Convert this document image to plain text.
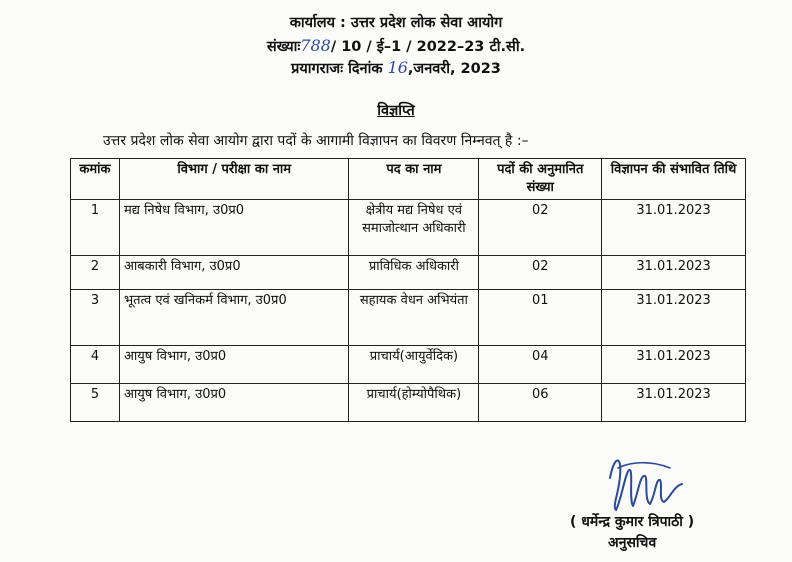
कार्यालय : उत्तर प्रदेश लोक सेवा आयोग
संख्याः788/ 10 / ई–1 / 2022–23 टी.सी.
प्रयागराजः दिनांक 16,जनवरी, 2023
विज्ञप्ति
उत्तर प्रदेश लोक सेवा आयोग द्वारा पदों के आगामी विज्ञापन का विवरण निम्नवत् है :–
कमांक	विभाग / परीक्षा का नाम	पद का नाम	पदों की अनुमानित संख्या	विज्ञापन की संभावित तिथि
1	मद्य निषेध विभाग, उ0प्र0	क्षेत्रीय मद्य निषेध एवं समाजोत्थान अधिकारी	02	31.01.2023
2	आबकारी विभाग, उ0प्र0	प्राविधिक अधिकारी	02	31.01.2023
3	भूतत्व एवं खनिकर्म विभाग, उ0प्र0	सहायक वेधन अभियंता	01	31.01.2023
4	आयुष विभाग, उ0प्र0	प्राचार्य(आयुर्वेदिक)	04	31.01.2023
5	आयुष विभाग, उ0प्र0	प्राचार्य(होम्योपैथिक)	06	31.01.2023
( धर्मेन्द्र कुमार त्रिपाठी )
अनुसचिव
